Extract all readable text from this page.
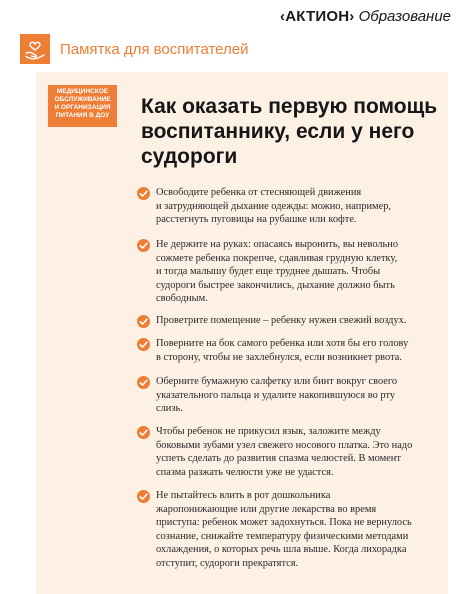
‹АКТИОН› Образование
Памятка для воспитателей
МЕДИЦИНСКОЕ
ОБСЛУЖИВАНИЕ
И ОРГАНИЗАЦИЯ
ПИТАНИЯ В ДОУ	Как оказать первую помощь
воспитаннику, если у него
судороги
Освободите ребенка от стесняющей движения
и затрудняющей дыхание одежды: можно, например,
расстегнуть пуговицы на рубашке или кофте.
Не держите на руках: опасаясь выронить, вы невольно
сожмете ребенка покрепче, сдавливая грудную клетку,
и тогда малышу будет еще труднее дышать. Чтобы
судороги быстрее закончились, дыхание должно быть
свободным.
Проветрите помещение – ребенку нужен свежий воздух.
Поверните на бок самого ребенка или хотя бы его голову
в сторону, чтобы не захлебнулся, если возникнет рвота.
Оберните бумажную салфетку или бинт вокруг своего
указательного пальца и удалите накопившуюся во рту
слизь.
Чтобы ребенок не прикусил язык, заложите между
боковыми зубами узел свежего носового платка. Это надо
успеть сделать до развития спазма челюстей. В момент
спазма разжать челюсти уже не удастся.
Не пытайтесь влить в рот дошкольника
жаропонижающие или другие лекарства во время
приступа: ребенок может задохнуться. Пока не вернулось
сознание, снижайте температуру физическими методами
охлаждения, о которых речь шла выше. Когда лихорадка
отступит, судороги прекратятся.
